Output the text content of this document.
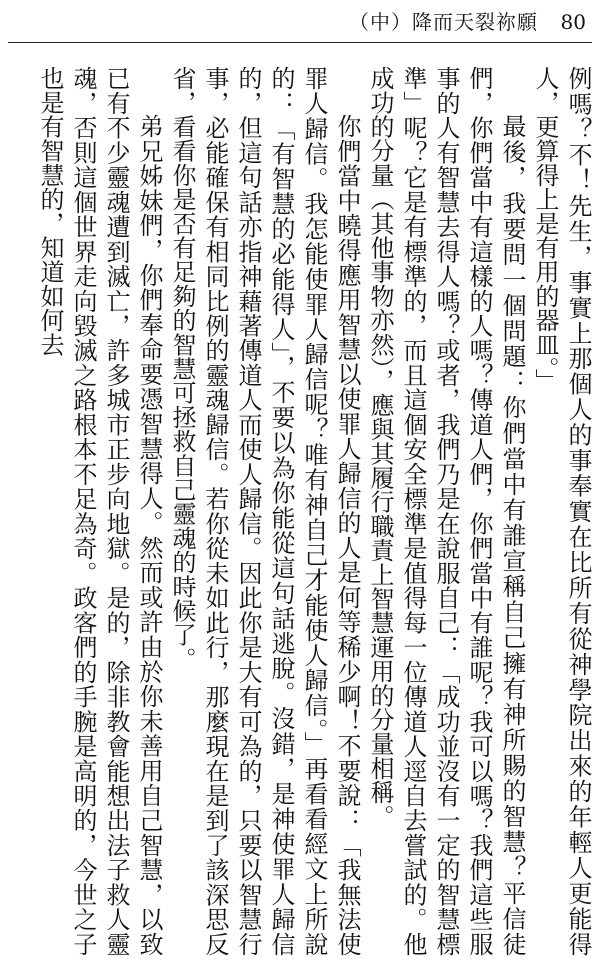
（中）降而天裂祢願 80

例嗎？不！先生，事實上那個人的事奉實在比所有從神學院出來的年輕人更能得人，更算得上是有用的器皿。」

最後，我要問一個問題：你們當中有誰宣稱自己擁有神所賜的智慧？平信徒們，你們當中有這樣的人嗎？傳道人們，你們當中有誰呢？我可以嗎？我們這些服事的人有智慧去得人嗎？或者，我們乃是在說服自己：「成功並沒有一定的智慧標準」呢？它是有標準的，而且這個安全標準是值得每一位傳道人逕自去嘗試的。他成功的分量（其他事物亦然），應與其履行職責上智慧運用的分量相稱。

你們當中曉得應用智慧以使罪人歸信的人是何等稀少啊！不要說：「我無法使罪人歸信。我怎能使罪人歸信呢？唯有神自己才能使人歸信。」再看看經文上所說的：「有智慧的必能得人」，不要以為你能從這句話逃脫。沒錯，是神使罪人歸信的，但這句話亦指神藉著傳道人而使人歸信。因此你是大有可為的，只要以智慧行事，必能確保有相同比例的靈魂歸信。若你從未如此行，那麼現在是到了該深思反省，看看你是否有足夠的智慧可拯救自己靈魂的時候了。

弟兄姊妹們，你們奉命要憑智慧得人。然而或許由於你未善用自己智慧，以致已有不少靈魂遭到滅亡，許多城市正步向地獄。是的，除非教會能想出法子救人靈魂，否則這個世界走向毀滅之路根本不足為奇。政客們的手腕是高明的，今世之子也是有智慧的，知道如何去
